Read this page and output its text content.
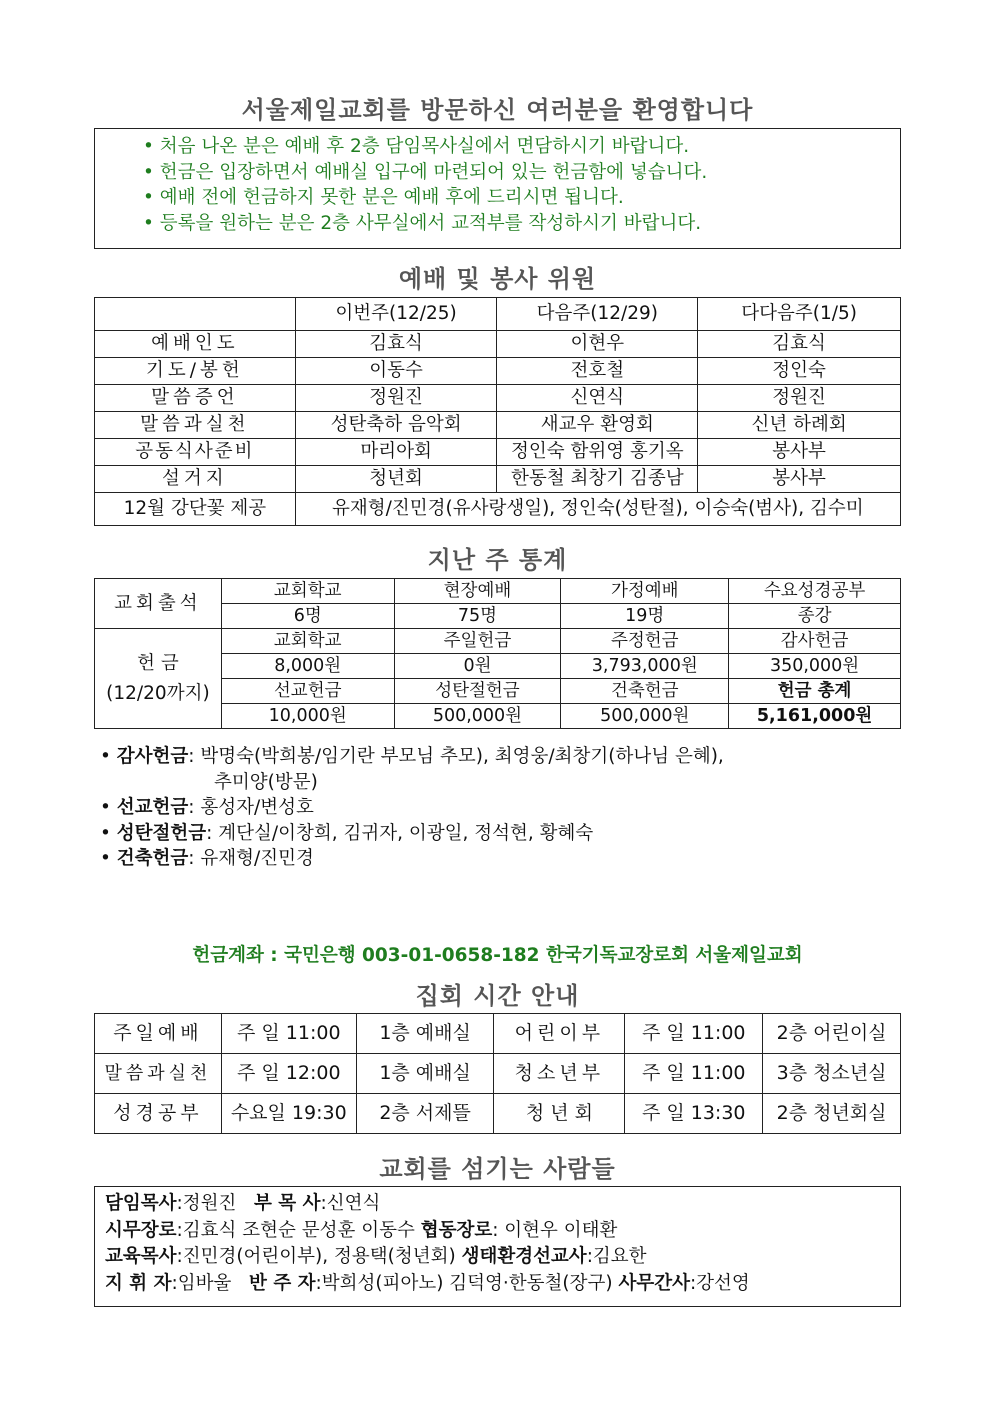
서울제일교회를 방문하신 여러분을 환영합니다
• 처음 나온 분은 예배 후 2층 담임목사실에서 면담하시기 바랍니다.
• 헌금은 입장하면서 예배실 입구에 마련되어 있는 헌금함에 넣습니다.
• 예배 전에 헌금하지 못한 분은 예배 후에 드리시면 됩니다.
• 등록을 원하는 분은 2층 사무실에서 교적부를 작성하시기 바랍니다.
예배 및 봉사 위원
	이번주(12/25)	다음주(12/29)	다다음주(1/5)
예배인도	김효식	이현우	김효식
기도/봉헌	이동수	전호철	정인숙
말씀증언	정원진	신연식	정원진
말씀과실천	성탄축하 음악회	새교우 환영회	신년 하례회
공동식사준비	마리아회	정인숙 함위영 홍기옥	봉사부
설거지	청년회	한동철 최창기 김종남	봉사부
12월 강단꽃 제공	유재형/진민경(유사랑생일), 정인숙(성탄절), 이승숙(범사), 김수미		
지난 주 통계
교회출석	교회학교	현장예배	가정예배	수요성경공부
	6명	75명	19명	종강

헌 금
(12/20까지)	교회학교	주일헌금	주정헌금	감사헌금
	8,000원	0원	3,793,000원	350,000원
	선교헌금	성탄절헌금	건축헌금	헌금 총계
	10,000원	500,000원	500,000원	5,161,000원
• 감사헌금: 박명숙(박희봉/임기란 부모님 추모), 최영웅/최창기(하나님 은혜),
추미양(방문)
• 선교헌금: 홍성자/변성호
• 성탄절헌금: 계단실/이창희, 김귀자, 이광일, 정석현, 황혜숙
• 건축헌금: 유재형/진민경
헌금계좌 : 국민은행 003-01-0658-182 한국기독교장로회 서울제일교회
집회 시간 안내
주일예배	주 일 11:00	1층 예배실	어린이부	주 일 11:00	2층 어린이실
말씀과실천	주 일 12:00	1층 예배실	청소년부	주 일 11:00	3층 청소년실
성경공부	수요일 19:30	2층 서제뜰	청 년 회	주 일 13:30	2층 청년회실
교회를 섬기는 사람들
담임목사:정원진 부 목 사:신연식
시무장로:김효식 조현순 문성훈 이동수 협동장로: 이현우 이태환
교육목사:진민경(어린이부), 정용택(청년회) 생태환경선교사:김요한
지 휘 자:임바울 반 주 자:박희성(피아노) 김덕영·한동철(장구) 사무간사:강선영
